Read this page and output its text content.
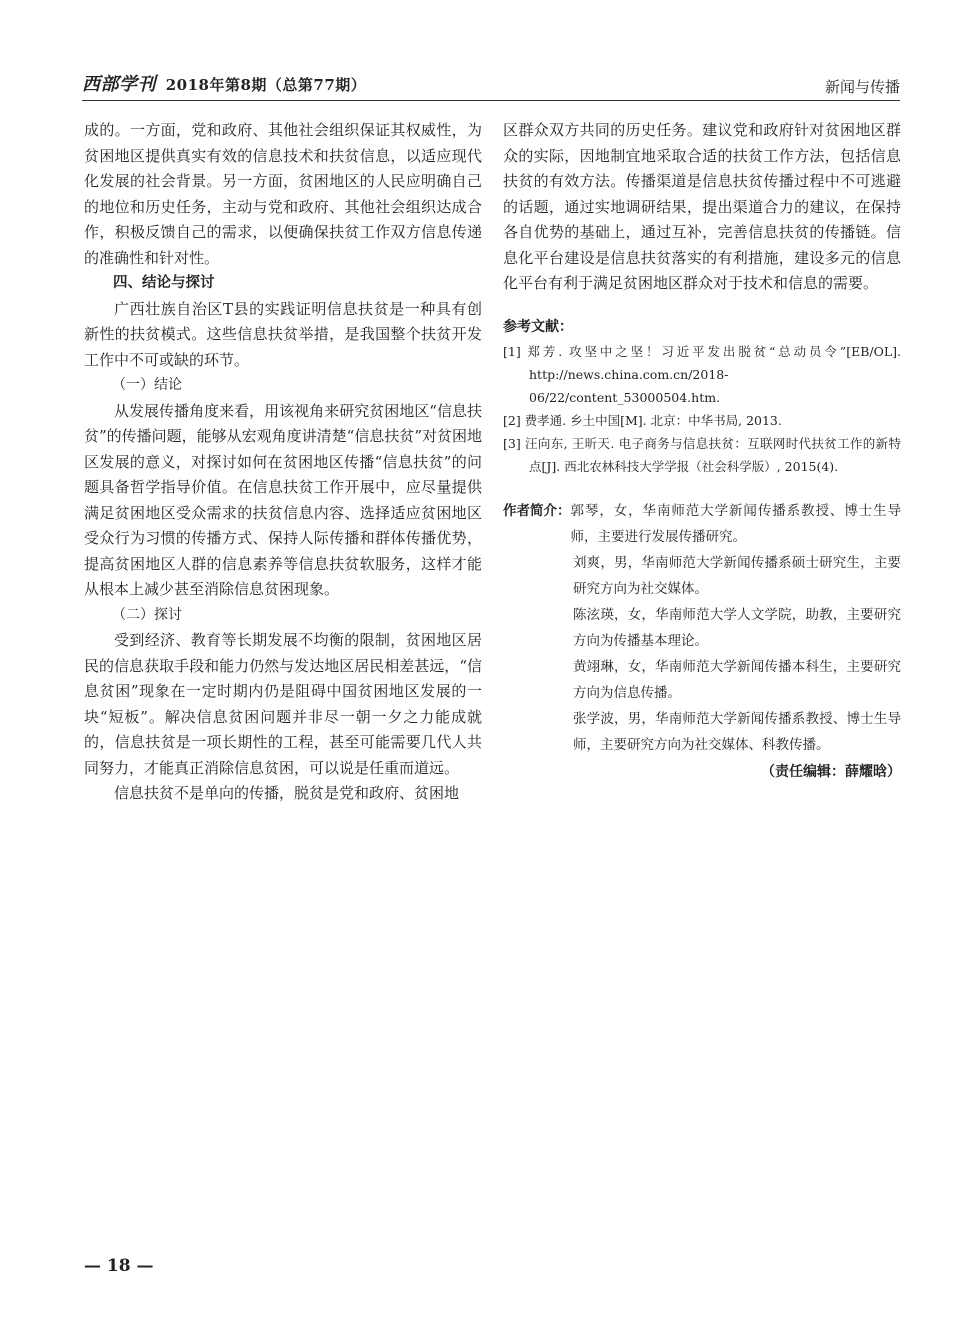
西部学刊 2018年第8期（总第77期）	新闻与传播

成的。一方面，党和政府、其他社会组织保证其权威性，为贫困地区提供真实有效的信息技术和扶贫信息，以适应现代化发展的社会背景。另一方面，贫困地区的人民应明确自己的地位和历史任务，主动与党和政府、其他社会组织达成合作，积极反馈自己的需求，以便确保扶贫工作双方信息传递的准确性和针对性。

四、结论与探讨

广西壮族自治区T县的实践证明信息扶贫是一种具有创新性的扶贫模式。这些信息扶贫举措，是我国整个扶贫开发工作中不可或缺的环节。

（一）结论

从发展传播角度来看，用该视角来研究贫困地区“信息扶贫”的传播问题，能够从宏观角度讲清楚“信息扶贫”对贫困地区发展的意义，对探讨如何在贫困地区传播“信息扶贫”的问题具备哲学指导价值。在信息扶贫工作开展中，应尽量提供满足贫困地区受众需求的扶贫信息内容、选择适应贫困地区受众行为习惯的传播方式、保持人际传播和群体传播优势，提高贫困地区人群的信息素养等信息扶贫软服务，这样才能从根本上减少甚至消除信息贫困现象。

（二）探讨

受到经济、教育等长期发展不均衡的限制，贫困地区居民的信息获取手段和能力仍然与发达地区居民相差甚远，“信息贫困”现象在一定时期内仍是阻碍中国贫困地区发展的一块“短板”。解决信息贫困问题并非尽一朝一夕之力能成就的，信息扶贫是一项长期性的工程，甚至可能需要几代人共同努力，才能真正消除信息贫困，可以说是任重而道远。

信息扶贫不是单向的传播，脱贫是党和政府、贫困地

区群众双方共同的历史任务。建议党和政府针对贫困地区群众的实际，因地制宜地采取合适的扶贫工作方法，包括信息扶贫的有效方法。传播渠道是信息扶贫传播过程中不可逃避的话题，通过实地调研结果，提出渠道合力的建议，在保持各自优势的基础上，通过互补，完善信息扶贫的传播链。信息化平台建设是信息扶贫落实的有利措施，建设多元的信息化平台有利于满足贫困地区群众对于技术和信息的需要。

参考文献：
[1] 郑芳. 攻坚中之坚！习近平发出脱贫“总动员令”[EB/OL]. http://news.china.com.cn/2018-06/22/content_53000504.htm.
[2] 费孝通. 乡土中国[M]. 北京：中华书局, 2013.
[3] 汪向东, 王昕天. 电子商务与信息扶贫：互联网时代扶贫工作的新特点[J]. 西北农林科技大学学报（社会科学版）, 2015(4).
作者简介： 郭琴，女，华南师范大学新闻传播系教授、博士生导师，主要进行发展传播研究。
刘爽，男，华南师范大学新闻传播系硕士研究生，主要研究方向为社交媒体。
陈泫瑛，女，华南师范大学人文学院，助教，主要研究方向为传播基本理论。
黄翊琳，女，华南师范大学新闻传播本科生，主要研究方向为信息传播。
张学波，男，华南师范大学新闻传播系教授、博士生导师，主要研究方向为社交媒体、科教传播。
（责任编辑：薛耀晗）
— 18 —
